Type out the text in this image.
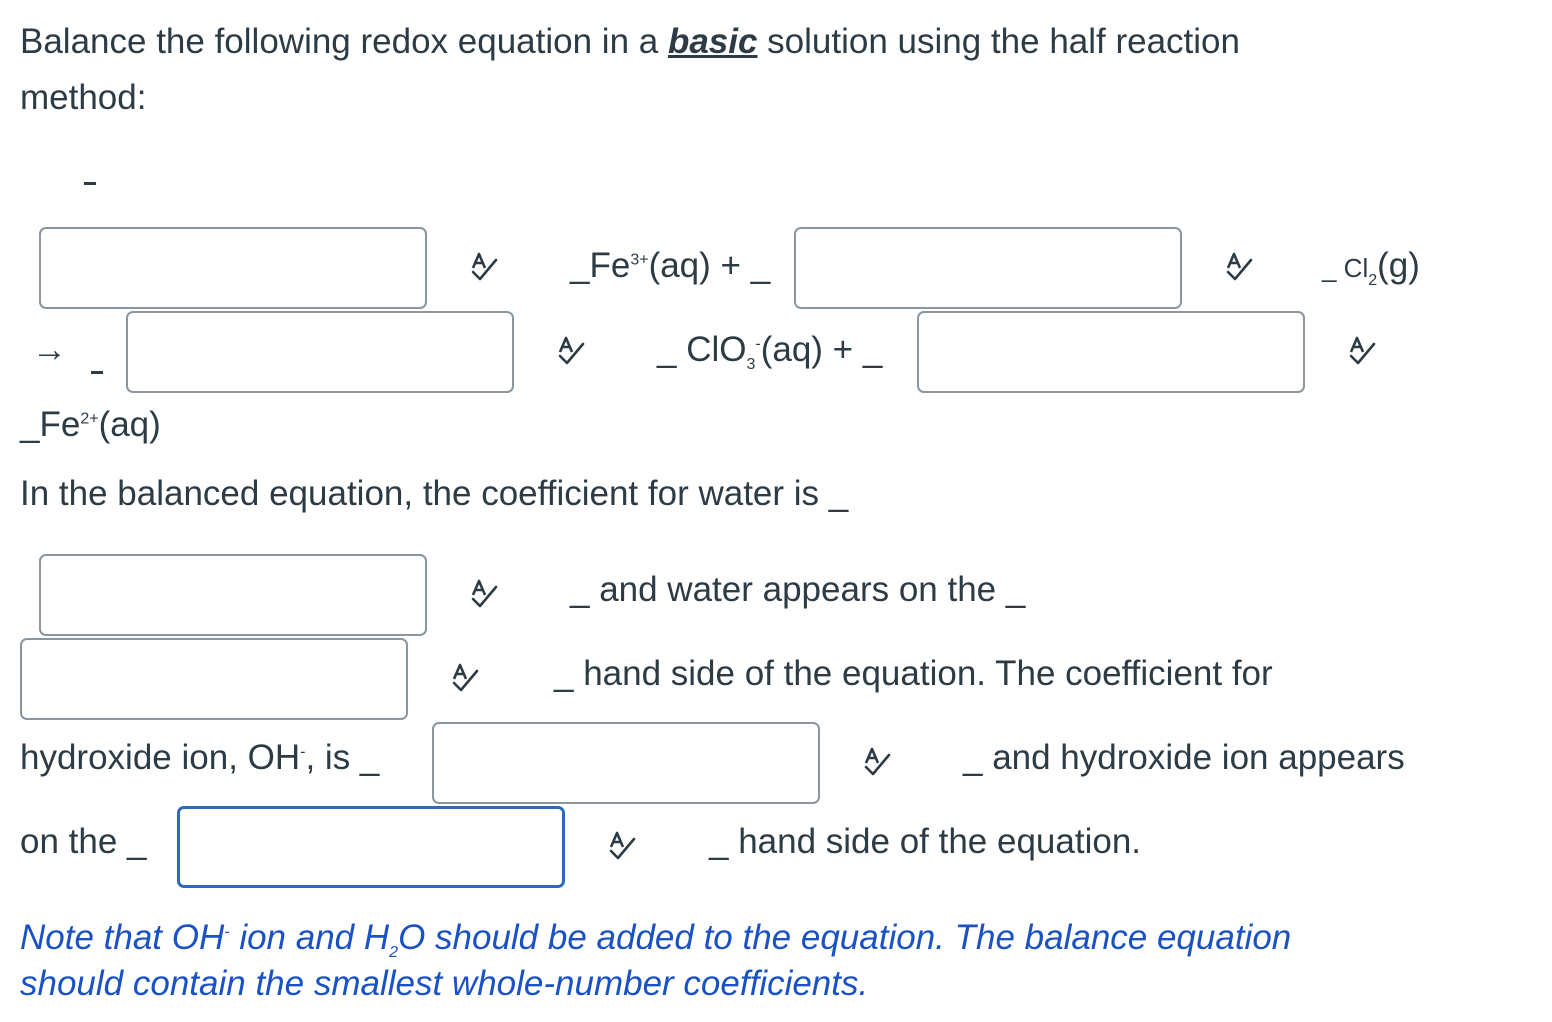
Balance the following redox equation in a basic solution using the half reaction
method:
$\_Fe^{3+}(aq)$ + _	_ $Cl_2(g)$
→	_ ClO$_3$-(aq) + _
$\_Fe^{2+}(aq)$
In the balanced equation, the coefficient for water is _
_ and water appears on the _
_ hand side of the equation. The coefficient for
hydroxide ion, OH-, is _	_ and hydroxide ion appears
on the _	_ hand side of the equation.
Note that OH- ion and $H_2O$ should be added to the equation. The balance equation
should contain the smallest whole-number coefficients.
